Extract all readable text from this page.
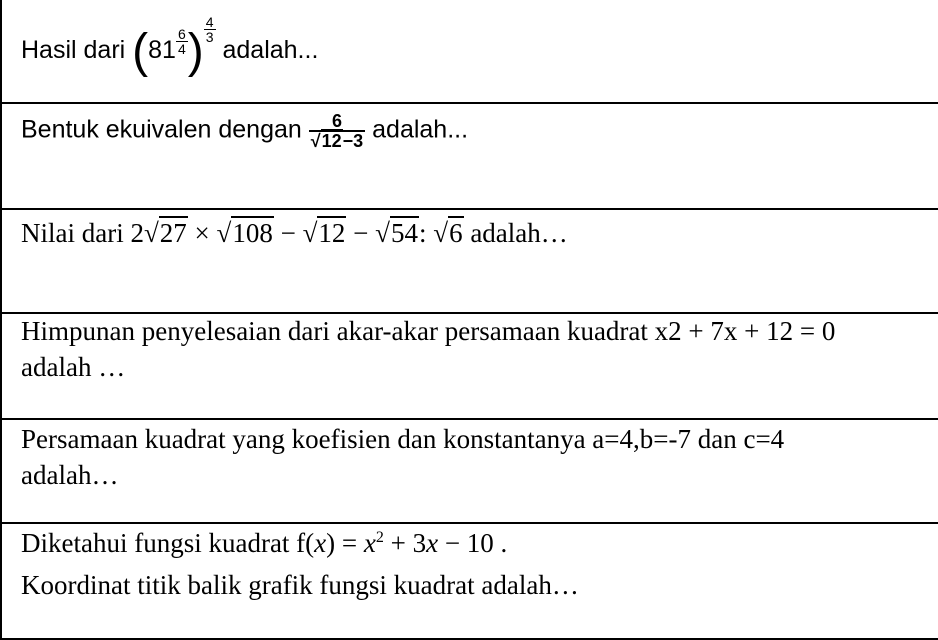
Hasil dari ($81 \frac{6}{4}$ ) $\frac{4}{3}$
adalah...
Bentuk ekuivalen dengan $\frac{6}{√12-3}$ adalah...
Nilai dari 2√27 × √108 − √12 − √54: √6 adalah…
Himpunan penyelesaian dari akar-akar persamaan kuadrat x2 + 7x + 12 = 0
adalah …
Persamaan kuadrat yang koefisien dan konstantanya a=4,b=-7 dan c=4
adalah…
Diketahui fungsi kuadrat $f(x) = x^2 + 3x - 10$ .
Koordinat titik balik grafik fungsi kuadrat adalah…
